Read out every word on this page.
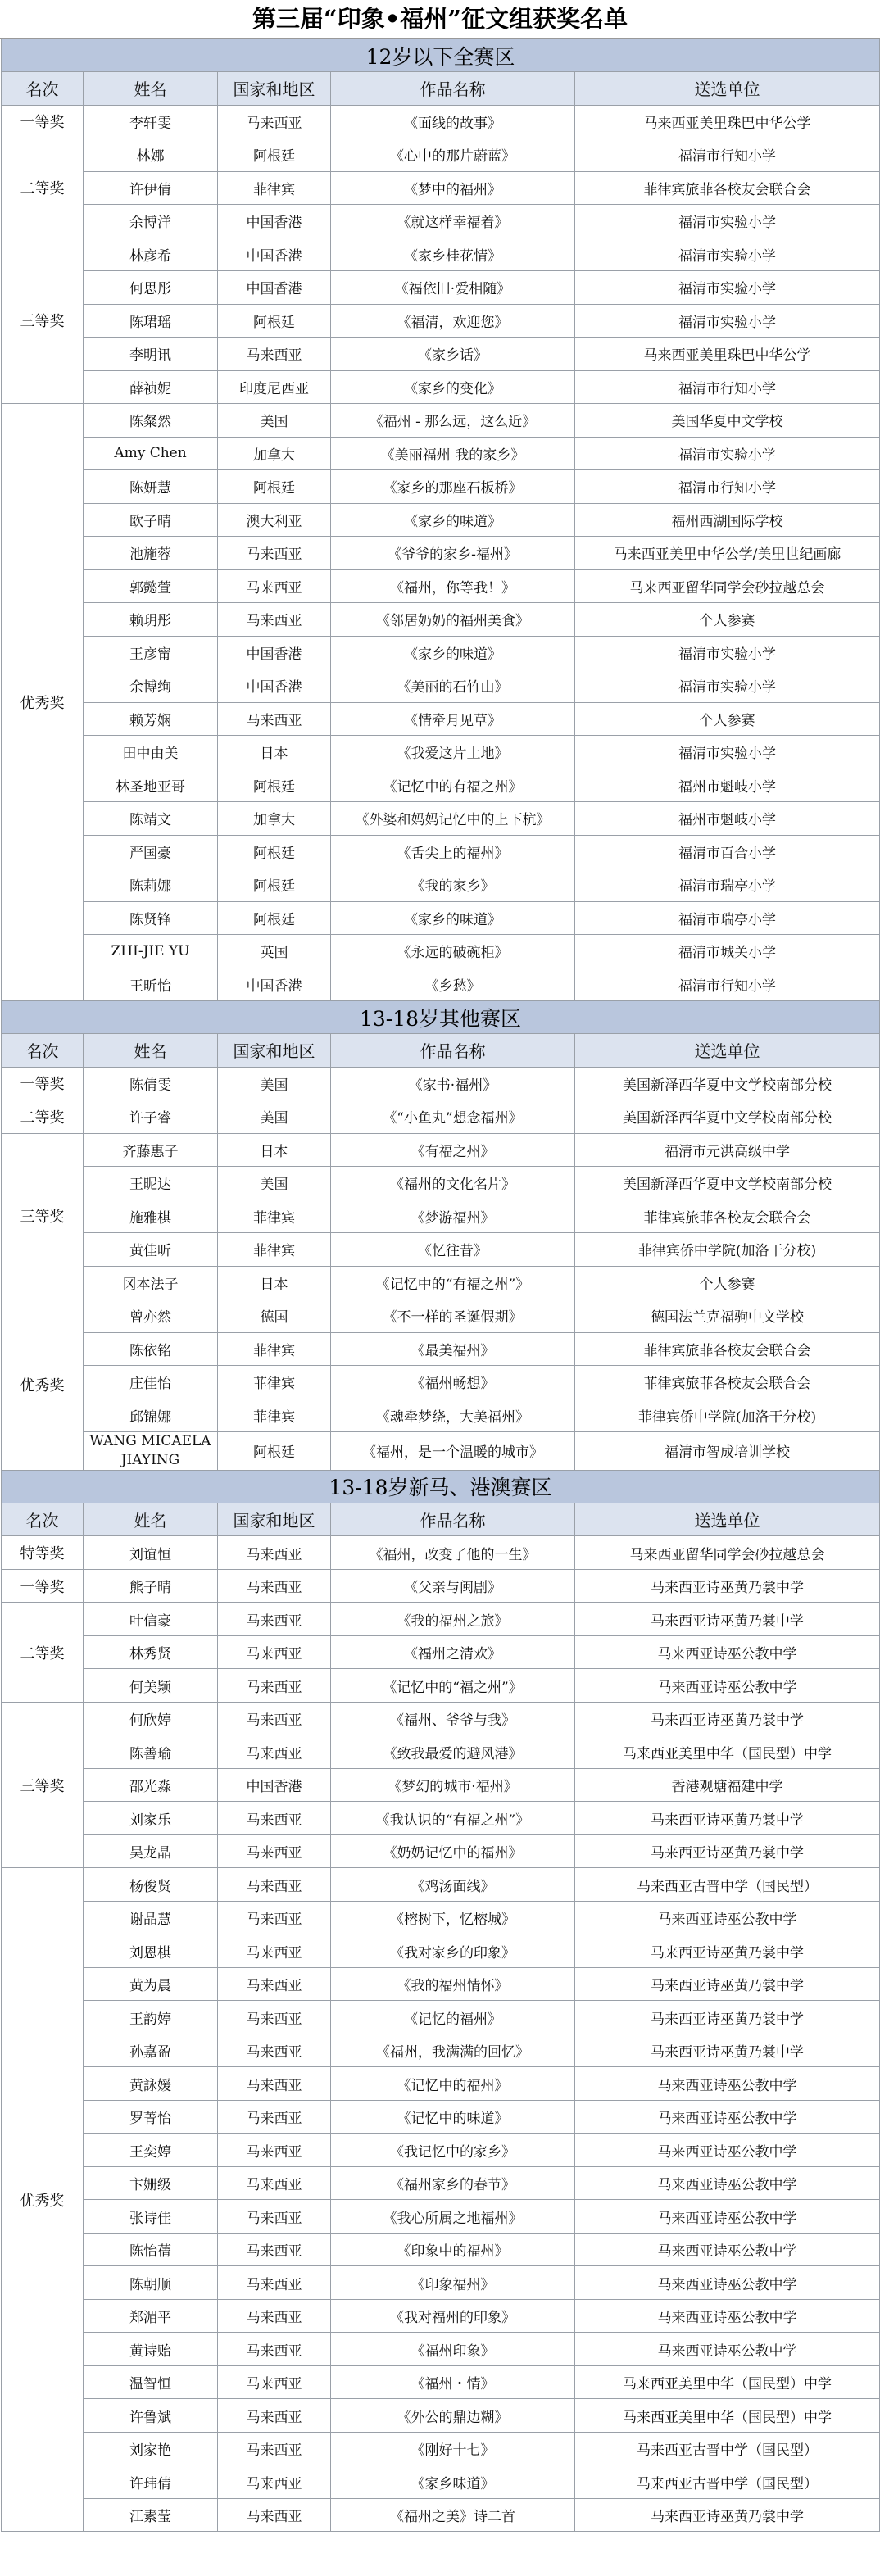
第三届“印象•福州”征文组获奖名单
12岁以下全赛区				
名次	姓名	国家和地区	作品名称	送选单位
一等奖	李轩雯	马来西亚	《面线的故事》	马来西亚美里珠巴中华公学
二等奖	林娜	阿根廷	《心中的那片蔚蓝》	福清市行知小学
	许伊倩	菲律宾	《梦中的福州》	菲律宾旅菲各校友会联合会
	余博洋	中国香港	《就这样幸福着》	福清市实验小学
三等奖	林彦希	中国香港	《家乡桂花情》	福清市实验小学
	何思彤	中国香港	《福依旧·爱相随》	福清市实验小学
	陈珺瑶	阿根廷	《福清，欢迎您》	福清市实验小学
	李明讯	马来西亚	《家乡话》	马来西亚美里珠巴中华公学
	薛祯妮	印度尼西亚	《家乡的变化》	福清市行知小学
优秀奖	陈粲然	美国	《福州 - 那么远，这么近》	美国华夏中文学校
	Amy Chen	加拿大	《美丽福州 我的家乡》	福清市实验小学
	陈妍慧	阿根廷	《家乡的那座石板桥》	福清市行知小学
	欧子晴	澳大利亚	《家乡的味道》	福州西湖国际学校
	池施蓉	马来西亚	《爷爷的家乡-福州》	马来西亚美里中华公学/美里世纪画廊
	郭懿萱	马来西亚	《福州，你等我！》	马来西亚留华同学会砂拉越总会
	赖玥彤	马来西亚	《邻居奶奶的福州美食》	个人参赛
	王彦甯	中国香港	《家乡的味道》	福清市实验小学
	余博绚	中国香港	《美丽的石竹山》	福清市实验小学
	赖芳娴	马来西亚	《情牵月见草》	个人参赛
	田中由美	日本	《我爱这片土地》	福清市实验小学
	林圣地亚哥	阿根廷	《记忆中的有福之州》	福州市魁岐小学
	陈靖文	加拿大	《外婆和妈妈记忆中的上下杭》	福州市魁岐小学
	严国豪	阿根廷	《舌尖上的福州》	福清市百合小学
	陈莉娜	阿根廷	《我的家乡》	福清市瑞亭小学
	陈贤锋	阿根廷	《家乡的味道》	福清市瑞亭小学
	ZHI-JIE YU	英国	《永远的破碗柜》	福清市城关小学
	王昕怡	中国香港	《乡愁》	福清市行知小学
13-18岁其他赛区				
名次	姓名	国家和地区	作品名称	送选单位
一等奖	陈倩雯	美国	《家书·福州》	美国新泽西华夏中文学校南部分校
二等奖	许子睿	美国	《“小鱼丸”想念福州》	美国新泽西华夏中文学校南部分校
三等奖	齐藤惠子	日本	《有福之州》	福清市元洪高级中学
	王昵达	美国	《福州的文化名片》	美国新泽西华夏中文学校南部分校
	施雅棋	菲律宾	《梦游福州》	菲律宾旅菲各校友会联合会
	黄佳昕	菲律宾	《忆往昔》	菲律宾侨中学院(加洛干分校)
	冈本法子	日本	《记忆中的“有福之州”》	个人参赛
优秀奖	曾亦然	德国	《不一样的圣诞假期》	德国法兰克福驹中文学校
	陈依铭	菲律宾	《最美福州》	菲律宾旅菲各校友会联合会
	庄佳怡	菲律宾	《福州畅想》	菲律宾旅菲各校友会联合会
	邱锦娜	菲律宾	《魂牵梦绕，大美福州》	菲律宾侨中学院(加洛干分校)
	WANG MICAELA JIAYING	阿根廷	《福州，是一个温暖的城市》	福清市智成培训学校
13-18岁新马、港澳赛区				
名次	姓名	国家和地区	作品名称	送选单位
特等奖	刘谊恒	马来西亚	《福州，改变了他的一生》	马来西亚留华同学会砂拉越总会
一等奖	熊子晴	马来西亚	《父亲与闽剧》	马来西亚诗巫黄乃裳中学
二等奖	叶信豪	马来西亚	《我的福州之旅》	马来西亚诗巫黄乃裳中学
	林秀贤	马来西亚	《福州之清欢》	马来西亚诗巫公教中学
	何美颖	马来西亚	《记忆中的“福之州”》	马来西亚诗巫公教中学
三等奖	何欣婷	马来西亚	《福州、爷爷与我》	马来西亚诗巫黄乃裳中学
	陈善瑜	马来西亚	《致我最爱的避风港》	马来西亚美里中华（国民型）中学
	邵光淼	中国香港	《梦幻的城市·福州》	香港观塘福建中学
	刘家乐	马来西亚	《我认识的“有福之州”》	马来西亚诗巫黄乃裳中学
	吴龙晶	马来西亚	《奶奶记忆中的福州》	马来西亚诗巫黄乃裳中学
优秀奖	杨俊贤	马来西亚	《鸡汤面线》	马来西亚古晋中学（国民型）
	谢品慧	马来西亚	《榕树下，忆榕城》	马来西亚诗巫公教中学
	刘恩棋	马来西亚	《我对家乡的印象》	马来西亚诗巫黄乃裳中学
	黄为晨	马来西亚	《我的福州情怀》	马来西亚诗巫黄乃裳中学
	王韵婷	马来西亚	《记忆的福州》	马来西亚诗巫黄乃裳中学
	孙嘉盈	马来西亚	《福州，我满满的回忆》	马来西亚诗巫黄乃裳中学
	黄詠媛	马来西亚	《记忆中的福州》	马来西亚诗巫公教中学
	罗菁怡	马来西亚	《记忆中的味道》	马来西亚诗巫公教中学
	王奕婷	马来西亚	《我记忆中的家乡》	马来西亚诗巫公教中学
	卞姗级	马来西亚	《福州家乡的春节》	马来西亚诗巫公教中学
	张诗佳	马来西亚	《我心所属之地福州》	马来西亚诗巫公教中学
	陈怡蒨	马来西亚	《印象中的福州》	马来西亚诗巫公教中学
	陈朝顺	马来西亚	《印象福州》	马来西亚诗巫公教中学
	郑湄平	马来西亚	《我对福州的印象》	马来西亚诗巫公教中学
	黄诗贻	马来西亚	《福州印象》	马来西亚诗巫公教中学
	温智恒	马来西亚	《福州・情》	马来西亚美里中华（国民型）中学
	许鲁斌	马来西亚	《外公的鼎边糊》	马来西亚美里中华（国民型）中学
	刘家艳	马来西亚	《刚好十七》	马来西亚古晋中学（国民型）
	许玮倩	马来西亚	《家乡味道》	马来西亚古晋中学（国民型）
	江素莹	马来西亚	《福州之美》诗二首	马来西亚诗巫黄乃裳中学
